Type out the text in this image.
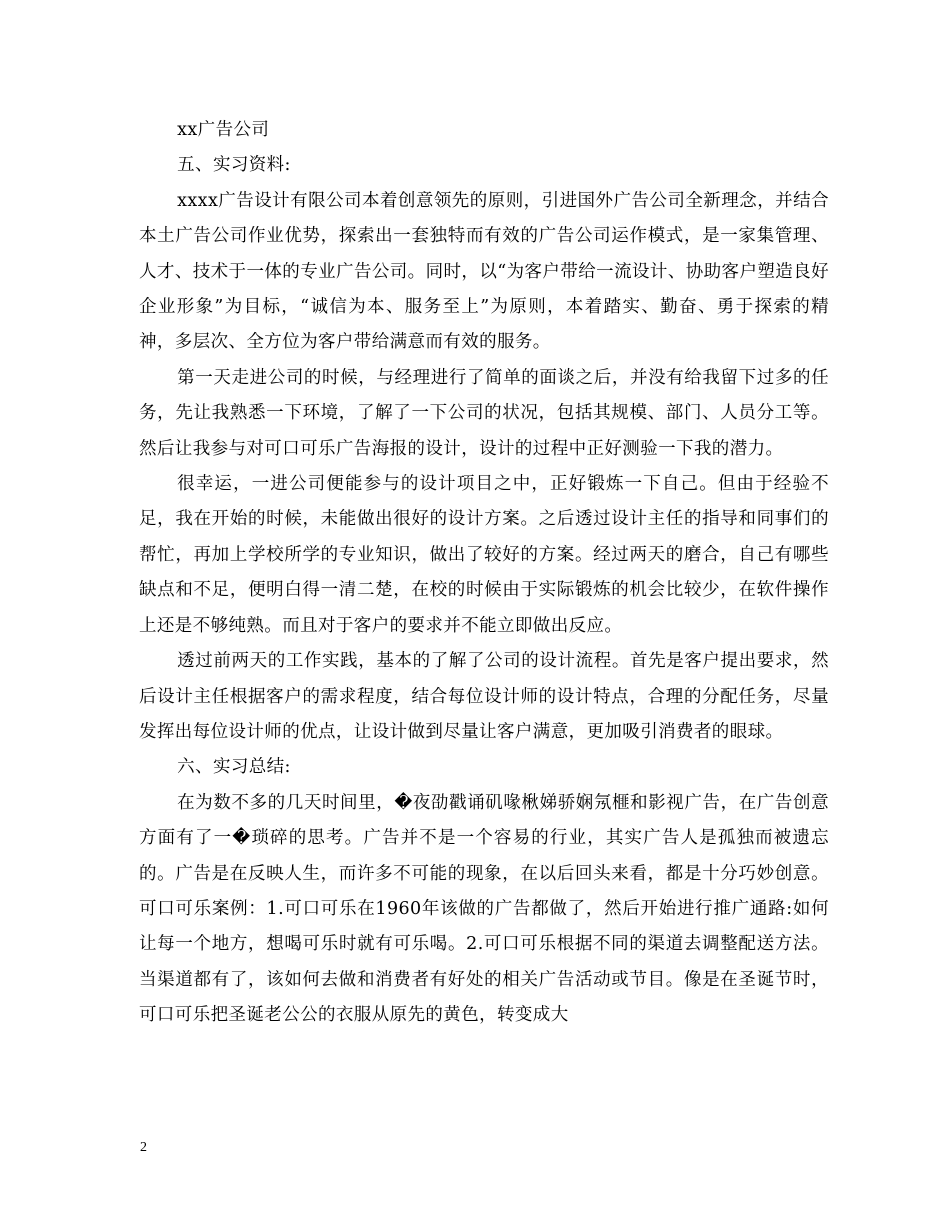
xx广告公司

五、实习资料:

xxxx广告设计有限公司本着创意领先的原则，引进国外广告公司全新理念，并结合本土广告公司作业优势，探索出一套独特而有效的广告公司运作模式，是一家集管理、人才、技术于一体的专业广告公司。同时，以“为客户带给一流设计、协助客户塑造良好企业形象”为目标，“诚信为本、服务至上”为原则，本着踏实、勤奋、勇于探索的精神，多层次、全方位为客户带给满意而有效的服务。

第一天走进公司的时候，与经理进行了简单的面谈之后，并没有给我留下过多的任务，先让我熟悉一下环境，了解了一下公司的状况，包括其规模、部门、人员分工等。然后让我参与对可口可乐广告海报的设计，设计的过程中正好测验一下我的潜力。

很幸运，一进公司便能参与的设计项目之中，正好锻炼一下自己。但由于经验不足，我在开始的时候，未能做出很好的设计方案。之后透过设计主任的指导和同事们的帮忙，再加上学校所学的专业知识，做出了较好的方案。经过两天的磨合，自己有哪些缺点和不足，便明白得一清二楚，在校的时候由于实际锻炼的机会比较少，在软件操作上还是不够纯熟。而且对于客户的要求并不能立即做出反应。

透过前两天的工作实践，基本的了解了公司的设计流程。首先是客户提出要求，然后设计主任根据客户的需求程度，结合每位设计师的设计特点，合理的分配任务，尽量发挥出每位设计师的优点，让设计做到尽量让客户满意，更加吸引消费者的眼球。

六、实习总结:

在为数不多的几天时间里，�夜劭戳诵矶喙楸娣骄娴氖榧和影视广告，在广告创意方面有了一�琐碎的思考。广告并不是一个容易的行业，其实广告人是孤独而被遗忘的。广告是在反映人生，而许多不可能的现象，在以后回头来看，都是十分巧妙创意。可口可乐案例：1.可口可乐在1960年该做的广告都做了，然后开始进行推广通路:如何让每一个地方，想喝可乐时就有可乐喝。2.可口可乐根据不同的渠道去调整配送方法。当渠道都有了，该如何去做和消费者有好处的相关广告活动或节目。像是在圣诞节时，可口可乐把圣诞老公公的衣服从原先的黄色，转变成大

2
